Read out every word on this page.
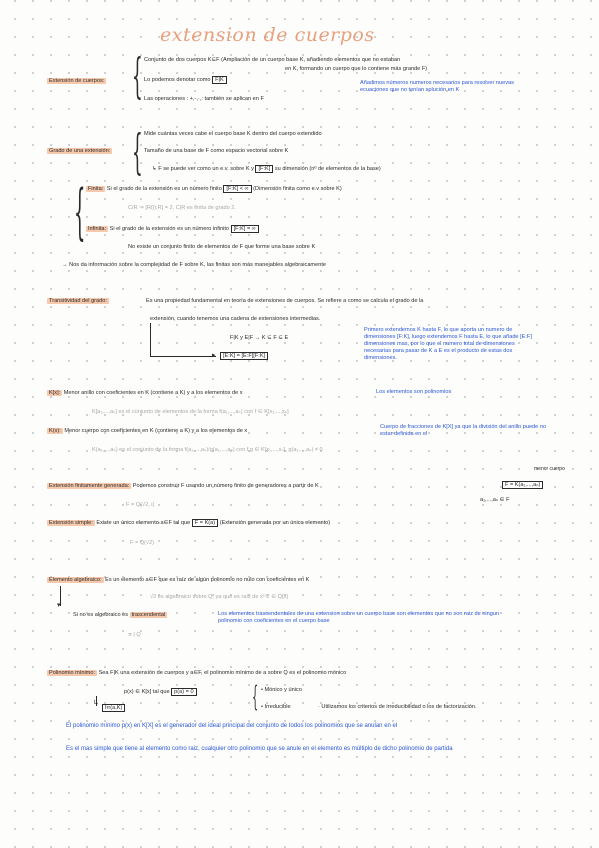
extension de cuerpos
Extensión de cuerpos: { Conjunto de dos cuerpos K⊆F (Ampliación de un cuerpo base K, añadiendo elementos que no estaban
en K, formando un cuerpo que lo contiene más grande F)
Añadimos números numeros necesarios para resolver nuevas ecuaciones que no tenían solución en K
Lo podemos denotar como F|K
Las operaciones : +,-,·,: también se aplican en F
Grado de una extensión: { Mide cuántas veces cabe el cuerpo base K dentro del cuerpo extendido
Tamaño de una base de F como espacio vectorial sobre K
↳ F se puede ver como un e.v. sobre K y [F:K] su dimensión (nº de elementos de la base)
{ Finita: Si el grado de la extensión es un número finito [F:K] < ∞ (Dimensión finita como e.v sobre K)
C/R ⇒ [R(i):R] = 2, C|R es finita de grado 2.
Infinita: Si el grado de la extensión es un número infinito [F:K] = ∞
No existe un conjunto finito de elementos de F que forme una base sobre K
→ Nos da información sobre la complejidad de F sobre K, las finitas son más manejables algebraicamente
Transitividad del grado:	Es una propiedad fundamental en teoría de extensiones de cuerpos. Se refiere a como se calcula el grado de la
extensión, cuando tenemos una cadena de extensiones intermedias.
▸
F|K y E|F → K ⊆ F ⊆ E
[E:K] = [E:F][F:K]
Primero extendemos K hasta F, lo que aporta un numero de dimensiones [F:K], luego extendemos F hasta E, lo que añade [E:F] dimensiones mas, por lo que el numero total de dimensiones necesarias para pasar de K a E es el producto de estas dos dimensiones.
K[x]: Menor anillo con coeficientes en K (contiene a K) y a los elementos de x	Los elementos son polinomios
K[a₁,...,aₙ] es el conjunto de elementos de la forma f(a₁,...,aₙ) con f ∈ K[x₁,...,xₙ]
K(x): Menor cuerpo con coeficientes en K (contiene a K) y a los elementos de x
Cuerpo de fracciones de K[X] ya que la división del anillo puede no estar definida en el
K(a₁,...,aₙ) es el conjunto de la forma f(a₁,...,aₙ)/g(a₁,...,aₙ) con f,g ∈ K[x₁,...,xₙ], g(a₁,...,aₙ) ≠ 0
menor cuerpo
Extensión finitamente generada: Podemos construir F usando un número finito de generadores a partir de K	F = K(a₁,...,aₙ)
a₁,...,aₙ ∈ F
F = Q(√2, i)
Extensión simple: Existe un único elemento a∈F tal que F = K(a) (Extensión generada por un único elemento)
F = Q(√2)
Elemento algebraico: Es un elemento a∈F que es raíz de algún polinomio no nulo con coeficientes en K
√2 es algebraico sobre Q, ya que es raíz de x²-2 ∈ Q[x]
▾
Si no es algebraico es trascendental	Los elementos trascendentales de una extension sobre un cuerpo base son elementos que no son raiz de ningun polinomio con coeficientes en el cuerpo base
π | Q
Polinomio mínimo: Sea F|K una extensión de cuerpos y a∈F, el polinomio mínimo de a sobre Q es el polinomio mónico
p(x) ∈ K[x] tal que p(a) = 0 { • Mónico y único
• Irreducible	· Utilizamos los criterios de irreducibilidad o los de factorización.
↳
Irr(a,K)
El polinomio mínimo p(x) en K[X] es el generador del ideal principal del conjunto de todos los polinomios que se anulan en el
Es el mas simple que tiene al elemento como raiz, cualquier otro polinomio que se anule en el elemento es múltiplo de dicho polinomio de partida
